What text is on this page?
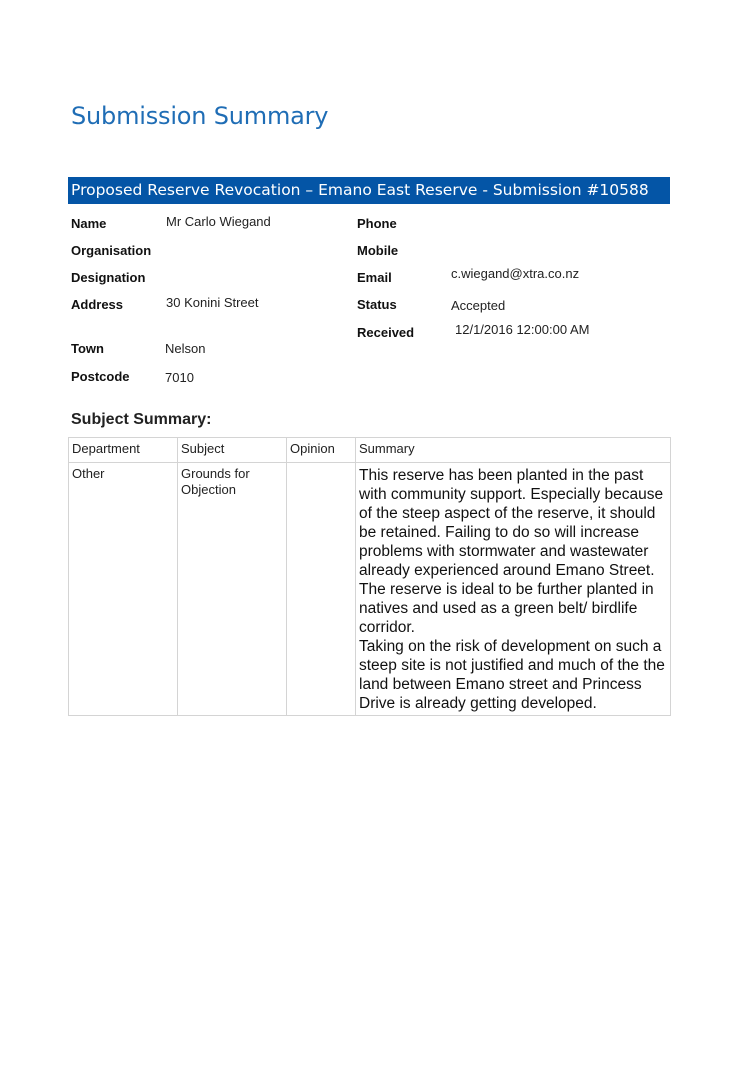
Submission Summary
Proposed Reserve Revocation – Emano East Reserve - Submission #10588
Name	Mr Carlo Wiegand
Organisation
Designation
Address	30 Konini Street
Town	Nelson
Postcode	7010
Phone
Mobile
Email	c.wiegand@xtra.co.nz
Status	Accepted
Received	12/1/2016 12:00:00 AM
Subject Summary:
Department	Subject	Opinion	Summary
Other	Grounds for Objection		This reserve has been planted in the past with community support. Especially because of the steep aspect of the reserve, it should be retained. Failing to do so will increase problems with stormwater and wastewater already experienced around Emano Street.
The reserve is ideal to be further planted in natives and used as a green belt/ birdlife corridor.
Taking on the risk of development on such a steep site is not justified and much of the the land between Emano street and Princess Drive is already getting developed.
